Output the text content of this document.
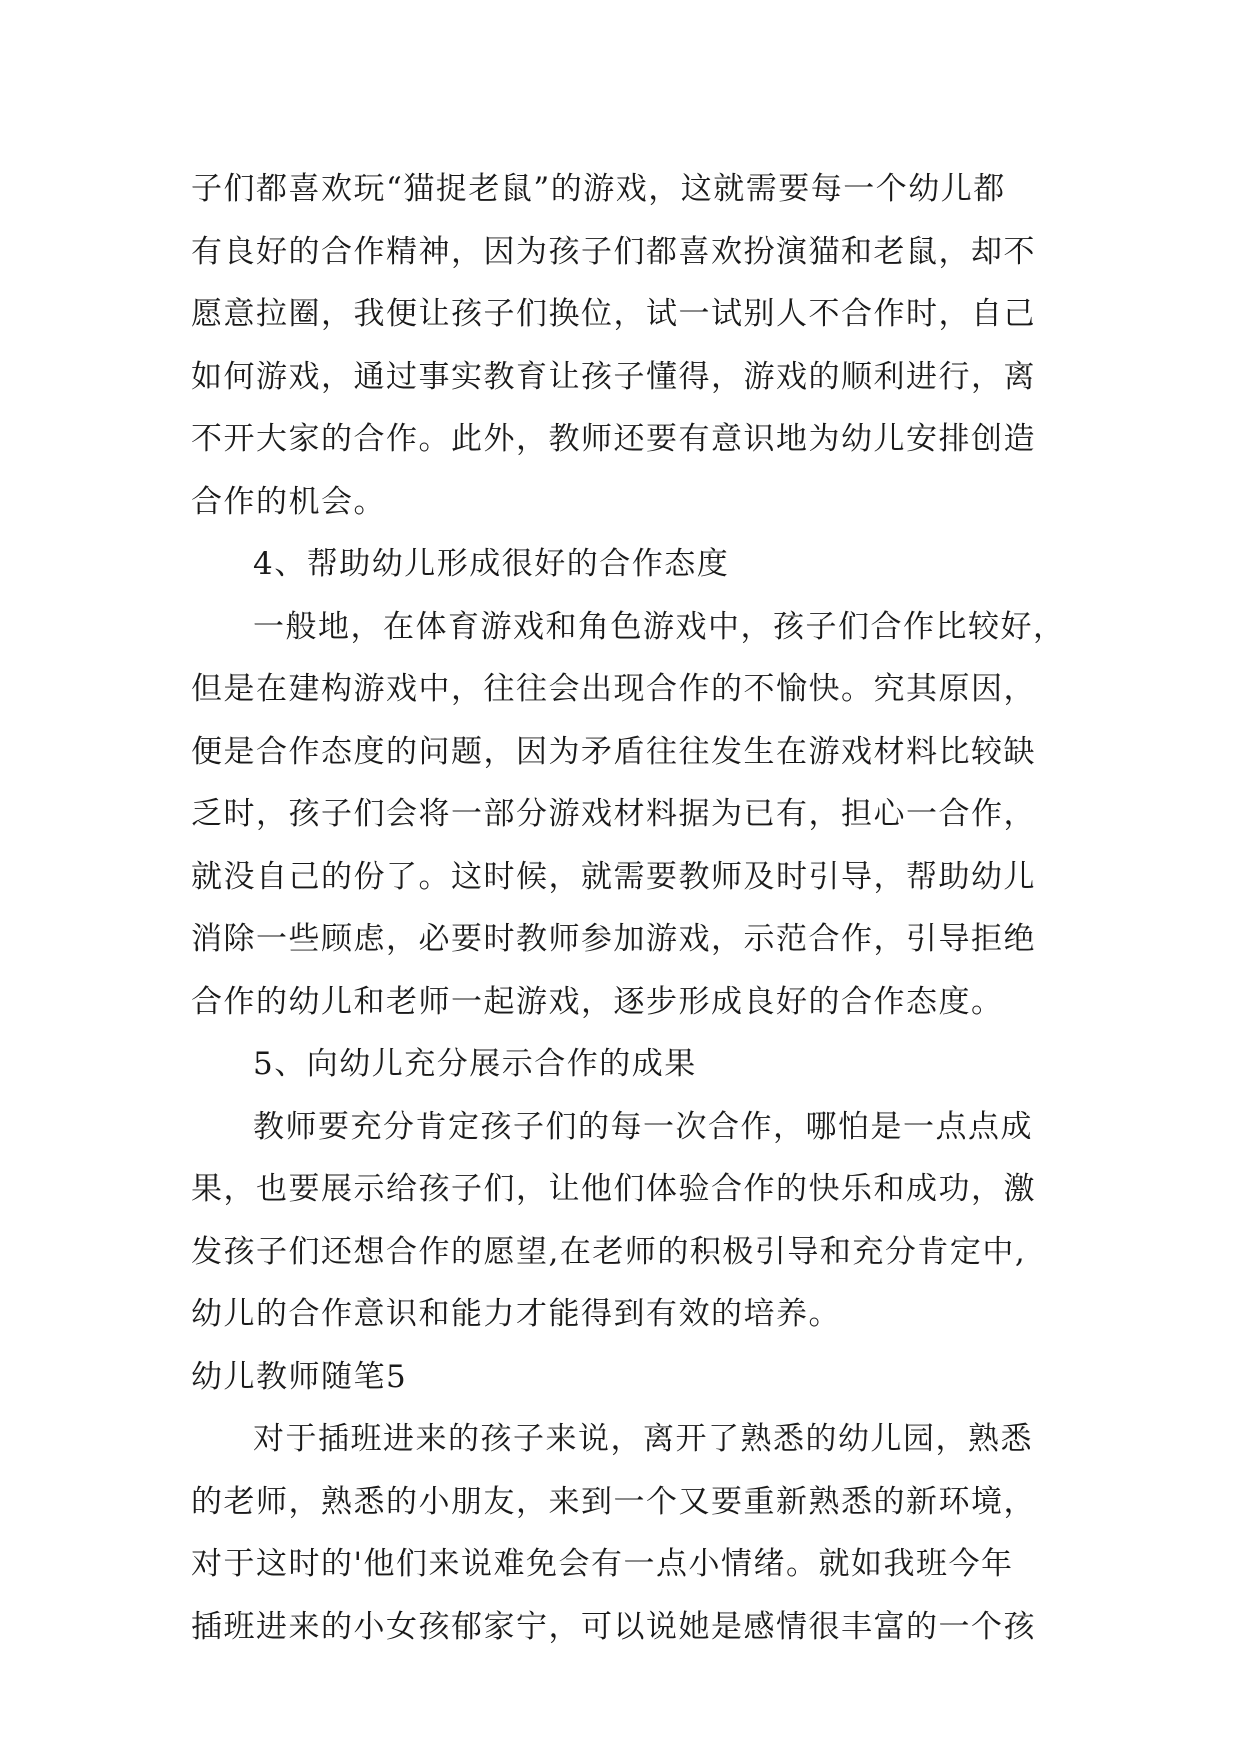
子们都喜欢玩“猫捉老鼠”的游戏，这就需要每一个幼儿都
有良好的合作精神，因为孩子们都喜欢扮演猫和老鼠，却不
愿意拉圈，我便让孩子们换位，试一试别人不合作时，自己
如何游戏，通过事实教育让孩子懂得，游戏的顺利进行，离
不开大家的合作。此外，教师还要有意识地为幼儿安排创造
合作的机会。
4、帮助幼儿形成很好的合作态度
一般地，在体育游戏和角色游戏中，孩子们合作比较好，
但是在建构游戏中，往往会出现合作的不愉快。究其原因，
便是合作态度的问题，因为矛盾往往发生在游戏材料比较缺
乏时，孩子们会将一部分游戏材料据为已有，担心一合作，
就没自己的份了。这时候，就需要教师及时引导，帮助幼儿
消除一些顾虑，必要时教师参加游戏，示范合作，引导拒绝
合作的幼儿和老师一起游戏，逐步形成良好的合作态度。
5、向幼儿充分展示合作的成果
教师要充分肯定孩子们的每一次合作，哪怕是一点点成
果，也要展示给孩子们，让他们体验合作的快乐和成功，激
发孩子们还想合作的愿望,在老师的积极引导和充分肯定中,
幼儿的合作意识和能力才能得到有效的培养。
幼儿教师随笔5
对于插班进来的孩子来说，离开了熟悉的幼儿园，熟悉
的老师，熟悉的小朋友，来到一个又要重新熟悉的新环境，
对于这时的'他们来说难免会有一点小情绪。就如我班今年
插班进来的小女孩郁家宁，可以说她是感情很丰富的一个孩
